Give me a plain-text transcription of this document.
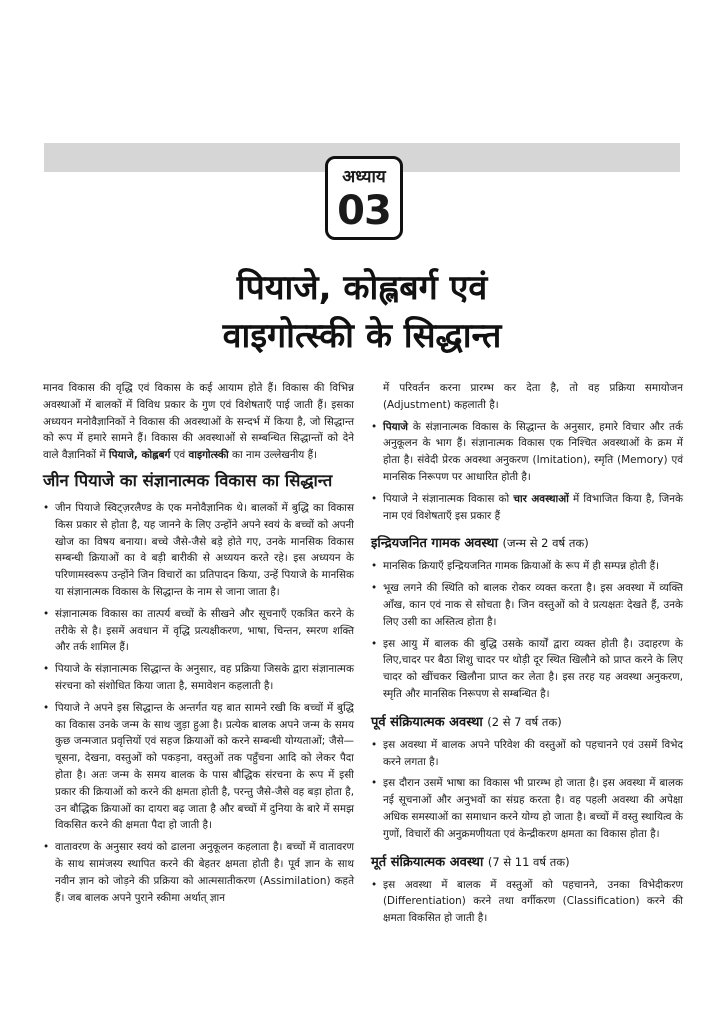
अध्याय
03
पियाजे, कोह्लबर्ग एवं
वाइगोत्स्की के सिद्धान्त

मानव विकास की वृद्धि एवं विकास के कई आयाम होते हैं। विकास की विभिन्न अवस्थाओं में बालकों में विविध प्रकार के गुण एवं विशेषताएँ पाई जाती हैं। इसका अध्ययन मनोवैज्ञानिकों ने विकास की अवस्थाओं के सन्दर्भ में किया है, जो सिद्धान्त को रूप में हमारे सामने हैं। विकास की अवस्थाओं से सम्बन्धित सिद्धान्तों को देने वाले वैज्ञानिकों में पियाजे, कोह्लबर्ग एवं वाइगोत्स्की का नाम उल्लेखनीय हैं।

जीन पियाजे का संज्ञानात्मक विकास का सिद्धान्त
• जीन पियाजे स्विट्ज़रलैण्ड के एक मनोवैज्ञानिक थे। बालकों में बुद्धि का विकास किस प्रकार से होता है, यह जानने के लिए उन्होंने अपने स्वयं के बच्चों को अपनी खोज का विषय बनाया। बच्चे जैसे-जैसे बड़े होते गए, उनके मानसिक विकास सम्बन्धी क्रियाओं का वे बड़ी बारीकी से अध्ययन करते रहे। इस अध्ययन के परिणामस्वरूप उन्होंने जिन विचारों का प्रतिपादन किया, उन्हें पियाजे के मानसिक या संज्ञानात्मक विकास के सिद्धान्त के नाम से जाना जाता है।
• संज्ञानात्मक विकास का तात्पर्य बच्चों के सीखने और सूचनाएँ एकत्रित करने के तरीके से है। इसमें अवधान में वृद्धि प्रत्यक्षीकरण, भाषा, चिन्तन, स्मरण शक्ति और तर्क शामिल हैं।
• पियाजे के संज्ञानात्मक सिद्धान्त के अनुसार, वह प्रक्रिया जिसके द्वारा संज्ञानात्मक संरचना को संशोधित किया जाता है, समावेशन कहलाती है।
• पियाजे ने अपने इस सिद्धान्त के अन्तर्गत यह बात सामने रखी कि बच्चों में बुद्धि का विकास उनके जन्म के साथ जुड़ा हुआ है। प्रत्येक बालक अपने जन्म के समय कुछ जन्मजात प्रवृत्तियों एवं सहज क्रियाओं को करने सम्बन्धी योग्यताओं; जैसे— चूसना, देखना, वस्तुओं को पकड़ना, वस्तुओं तक पहुँचना आदि को लेकर पैदा होता है। अतः जन्म के समय बालक के पास बौद्धिक संरचना के रूप में इसी प्रकार की क्रियाओं को करने की क्षमता होती है, परन्तु जैसे-जैसे वह बड़ा होता है, उन बौद्धिक क्रियाओं का दायरा बढ़ जाता है और बच्चों में दुनिया के बारे में समझ विकसित करने की क्षमता पैदा हो जाती है।
• वातावरण के अनुसार स्वयं को ढालना अनुकूलन कहलाता है। बच्चों में वातावरण के साथ सामंजस्य स्थापित करने की बेहतर क्षमता होती है। पूर्व ज्ञान के साथ नवीन ज्ञान को जोड़ने की प्रक्रिया को आत्मसातीकरण (Assimilation) कहते हैं। जब बालक अपने पुराने स्कीमा अर्थात् ज्ञान
में परिवर्तन करना प्रारम्भ कर देता है, तो वह प्रक्रिया समायोजन (Adjustment) कहलाती है।
• पियाजे के संज्ञानात्मक विकास के सिद्धान्त के अनुसार, हमारे विचार और तर्क अनुकूलन के भाग हैं। संज्ञानात्मक विकास एक निश्चित अवस्थाओं के क्रम में होता है। संवेदी प्रेरक अवस्था अनुकरण (Imitation), स्मृति (Memory) एवं मानसिक निरूपण पर आधारित होती है।
• पियाजे ने संज्ञानात्मक विकास को चार अवस्थाओं में विभाजित किया है, जिनके नाम एवं विशेषताएँ इस प्रकार हैं
इन्द्रियजनित गामक अवस्था (जन्म से 2 वर्ष तक)
• मानसिक क्रियाएँ इन्द्रियजनित गामक क्रियाओं के रूप में ही सम्पन्न होती हैं।
• भूख लगने की स्थिति को बालक रोकर व्यक्त करता है। इस अवस्था में व्यक्ति आँख, कान एवं नाक से सोचता है। जिन वस्तुओं को वे प्रत्यक्षतः देखते हैं, उनके लिए उसी का अस्तित्व होता है।
• इस आयु में बालक की बुद्धि उसके कार्यों द्वारा व्यक्त होती है। उदाहरण के लिए,चादर पर बैठा शिशु चादर पर थोड़ी दूर स्थित खिलौने को प्राप्त करने के लिए चादर को खींचकर खिलौना प्राप्त कर लेता है। इस तरह यह अवस्था अनुकरण, स्मृति और मानसिक निरूपण से सम्बन्धित है।
पूर्व संक्रियात्मक अवस्था (2 से 7 वर्ष तक)
• इस अवस्था में बालक अपने परिवेश की वस्तुओं को पहचानने एवं उसमें विभेद करने लगता है।
• इस दौरान उसमें भाषा का विकास भी प्रारम्भ हो जाता है। इस अवस्था में बालक नई सूचनाओं और अनुभवों का संग्रह करता है। वह पहली अवस्था की अपेक्षा अधिक समस्याओं का समाधान करने योग्य हो जाता है। बच्चों में वस्तु स्थायित्व के गुणों, विचारों की अनुक्रमणीयता एवं केन्द्रीकरण क्षमता का विकास होता है।
मूर्त संक्रियात्मक अवस्था (7 से 11 वर्ष तक)
• इस अवस्था में बालक में वस्तुओं को पहचानने, उनका विभेदीकरण (Differentiation) करने तथा वर्गीकरण (Classification) करने की क्षमता विकसित हो जाती है।
